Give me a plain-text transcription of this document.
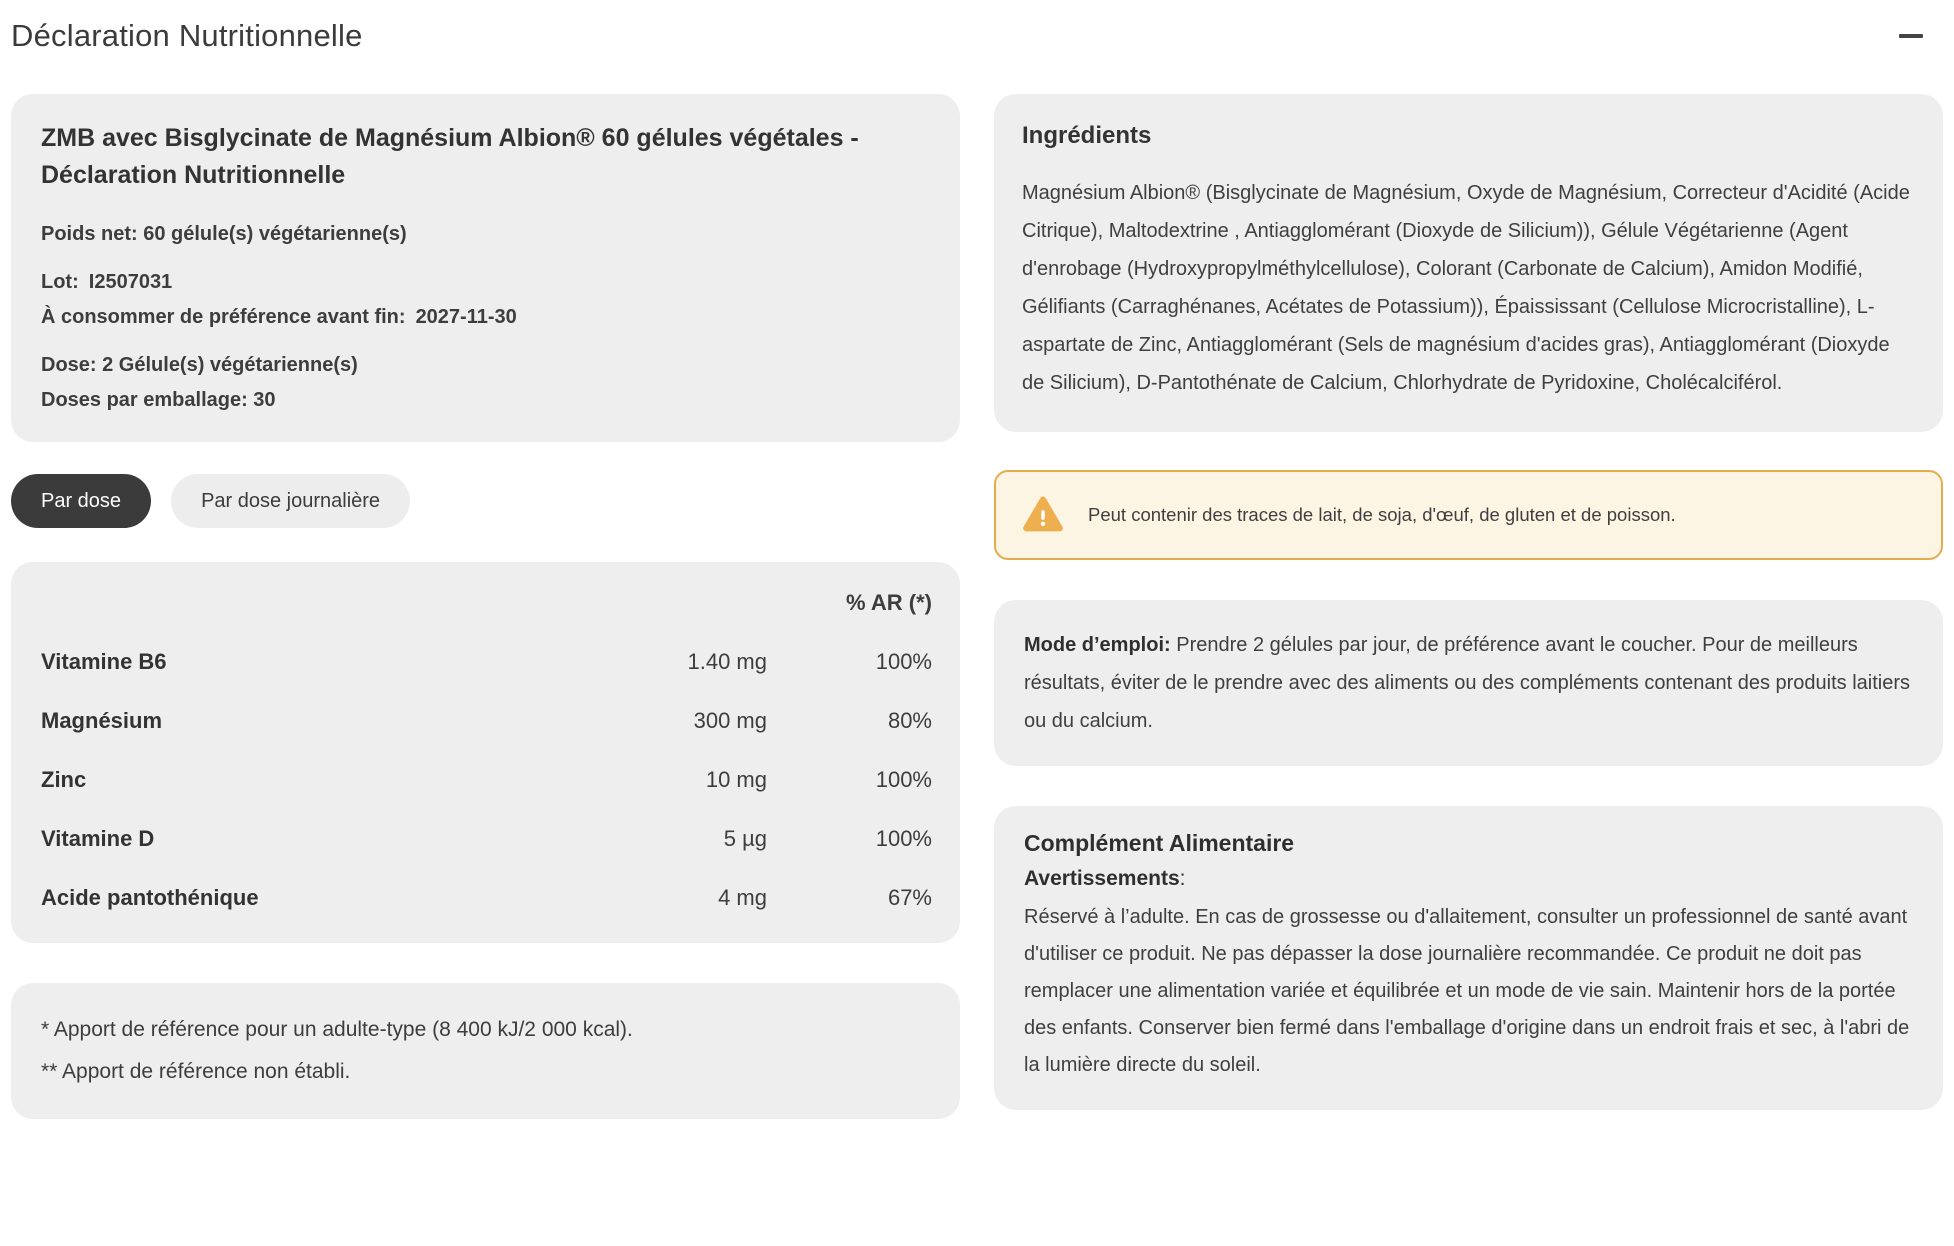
Déclaration Nutritionnelle
ZMB avec Bisglycinate de Magnésium Albion® 60 gélules végétales - Déclaration Nutritionnelle
Poids net: 60 gélule(s) végétarienne(s)
Lot: I2507031
À consommer de préférence avant fin: 2027-11-30
Dose: 2 Gélule(s) végétarienne(s)
Doses par emballage: 30
Par dose	Par dose journalière
% AR (*)
Vitamine B6	1.40 mg	100%
Magnésium	300 mg	80%
Zinc	10 mg	100%
Vitamine D	5 µg	100%
Acide pantothénique	4 mg	67%

* Apport de référence pour un adulte-type (8 400 kJ/2 000 kcal).

** Apport de référence non établi.

Ingrédients

Magnésium Albion® (Bisglycinate de Magnésium, Oxyde de Magnésium, Correcteur d'Acidité (Acide Citrique), Maltodextrine , Antiagglomérant (Dioxyde de Silicium)), Gélule Végétarienne (Agent d'enrobage (Hydroxypropylméthylcellulose), Colorant (Carbonate de Calcium), Amidon Modifié, Gélifiants (Carraghénanes, Acétates de Potassium)), Épaississant (Cellulose Microcristalline), L-aspartate de Zinc, Antiagglomérant (Sels de magnésium d'acides gras), Antiagglomérant (Dioxyde de Silicium), D-Pantothénate de Calcium, Chlorhydrate de Pyridoxine, Cholécalciférol.

Peut contenir des traces de lait, de soja, d'œuf, de gluten et de poisson.

Mode d’emploi: Prendre 2 gélules par jour, de préférence avant le coucher. Pour de meilleurs résultats, éviter de le prendre avec des aliments ou des compléments contenant des produits laitiers ou du calcium.

Complément Alimentaire

Avertissements:

Réservé à l’adulte. En cas de grossesse ou d'allaitement, consulter un professionnel de santé avant d'utiliser ce produit. Ne pas dépasser la dose journalière recommandée. Ce produit ne doit pas remplacer une alimentation variée et équilibrée et un mode de vie sain. Maintenir hors de la portée des enfants. Conserver bien fermé dans l'emballage d'origine dans un endroit frais et sec, à l'abri de la lumière directe du soleil.
